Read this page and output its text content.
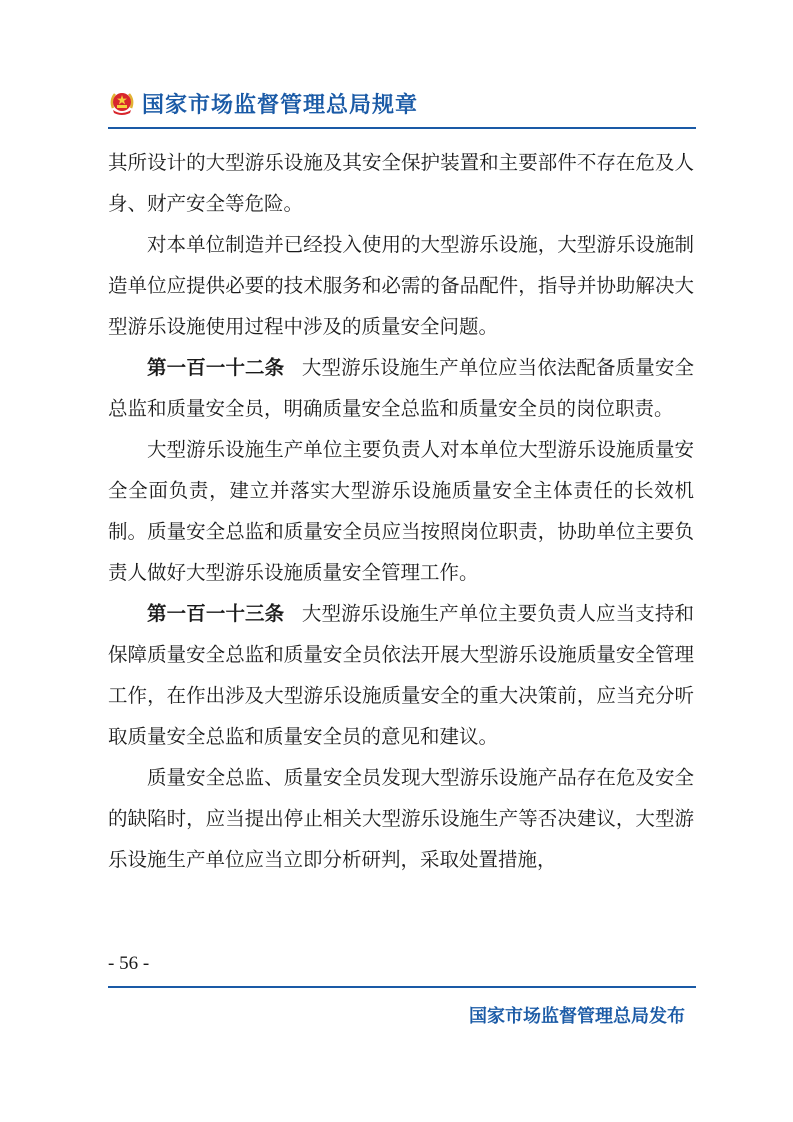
国家市场监督管理总局规章

其所设计的大型游乐设施及其安全保护装置和主要部件不存在危及人身、财产安全等危险。

对本单位制造并已经投入使用的大型游乐设施，大型游乐设施制造单位应提供必要的技术服务和必需的备品配件，指导并协助解决大型游乐设施使用过程中涉及的质量安全问题。

第一百一十二条 大型游乐设施生产单位应当依法配备质量安全总监和质量安全员，明确质量安全总监和质量安全员的岗位职责。

大型游乐设施生产单位主要负责人对本单位大型游乐设施质量安全全面负责，建立并落实大型游乐设施质量安全主体责任的长效机制。质量安全总监和质量安全员应当按照岗位职责，协助单位主要负责人做好大型游乐设施质量安全管理工作。

第一百一十三条 大型游乐设施生产单位主要负责人应当支持和保障质量安全总监和质量安全员依法开展大型游乐设施质量安全管理工作，在作出涉及大型游乐设施质量安全的重大决策前，应当充分听取质量安全总监和质量安全员的意见和建议。

质量安全总监、质量安全员发现大型游乐设施产品存在危及安全的缺陷时，应当提出停止相关大型游乐设施生产等否决建议，大型游乐设施生产单位应当立即分析研判，采取处置措施，

- 56 -
国家市场监督管理总局发布
